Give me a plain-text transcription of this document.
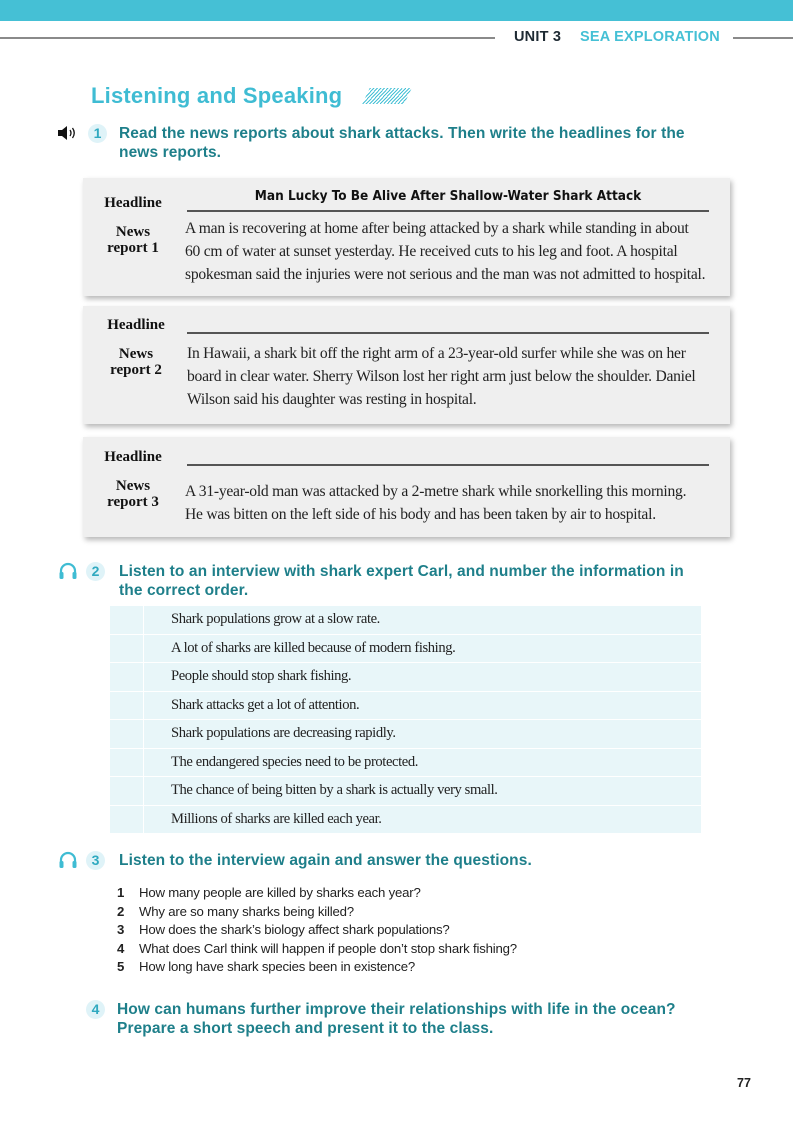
UNIT 3 SEA EXPLORATION
Listening and Speaking
1	Read the news reports about shark attacks. Then write the headlines for the
news reports.
Headline	Man Lucky To Be Alive After Shallow-Water Shark Attack
News
report 1
A man is recovering at home after being attacked by a shark while standing in about
60 cm of water at sunset yesterday. He received cuts to his leg and foot. A hospital
spokesman said the injuries were not serious and the man was not admitted to hospital.
Headline
News
report 2
In Hawaii, a shark bit off the right arm of a 23-year-old surfer while she was on her
board in clear water. Sherry Wilson lost her right arm just below the shoulder. Daniel
Wilson said his daughter was resting in hospital.
Headline
News
report 3
A 31-year-old man was attacked by a 2-metre shark while snorkelling this morning.
He was bitten on the left side of his body and has been taken by air to hospital.
2	Listen to an interview with shark expert Carl, and number the information in
the correct order.
Shark populations grow at a slow rate.
A lot of sharks are killed because of modern fishing.
People should stop shark fishing.
Shark attacks get a lot of attention.
Shark populations are decreasing rapidly.
The endangered species need to be protected.
The chance of being bitten by a shark is actually very small.
Millions of sharks are killed each year.
3	Listen to the interview again and answer the questions.
1	How many people are killed by sharks each year?
2	Why are so many sharks being killed?
3	How does the shark’s biology affect shark populations?
4	What does Carl think will happen if people don’t stop shark fishing?
5	How long have shark species been in existence?
4	How can humans further improve their relationships with life in the ocean?
Prepare a short speech and present it to the class.
77
